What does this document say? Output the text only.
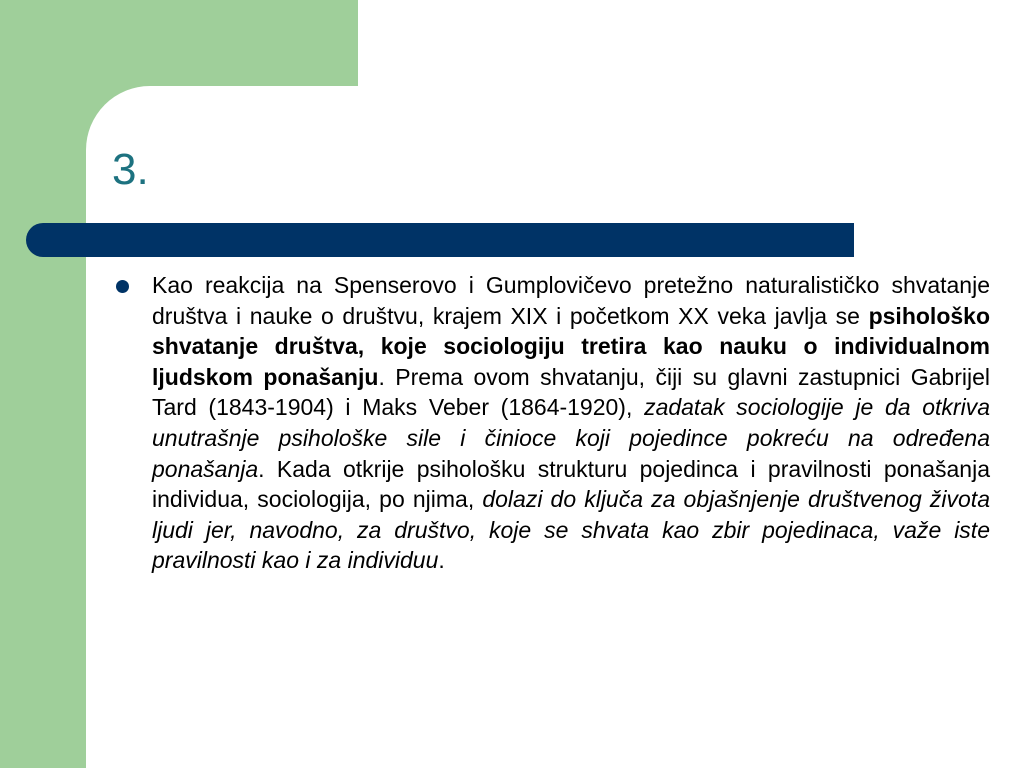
3.

Kao reakcija na Spenserovo i Gumplovičevo pretežno naturalističko shvatanje društva i nauke o društvu, krajem XIX i početkom XX veka javlja se psihološko shvatanje društva, koje sociologiju tretira kao nauku o individualnom ljudskom ponašanju. Prema ovom shvatanju, čiji su glavni zastupnici Gabrijel Tard (1843-1904) i Maks Veber (1864-1920), zadatak sociologije je da otkriva unutrašnje psihološke sile i činioce koji pojedince pokreću na određena ponašanja. Kada otkrije psihološku strukturu pojedinca i pravilnosti ponašanja individua, sociologija, po njima, dolazi do ključa za objašnjenje društvenog života ljudi jer, navodno, za društvo, koje se shvata kao zbir pojedinaca, važe iste pravilnosti kao i za individuu.
